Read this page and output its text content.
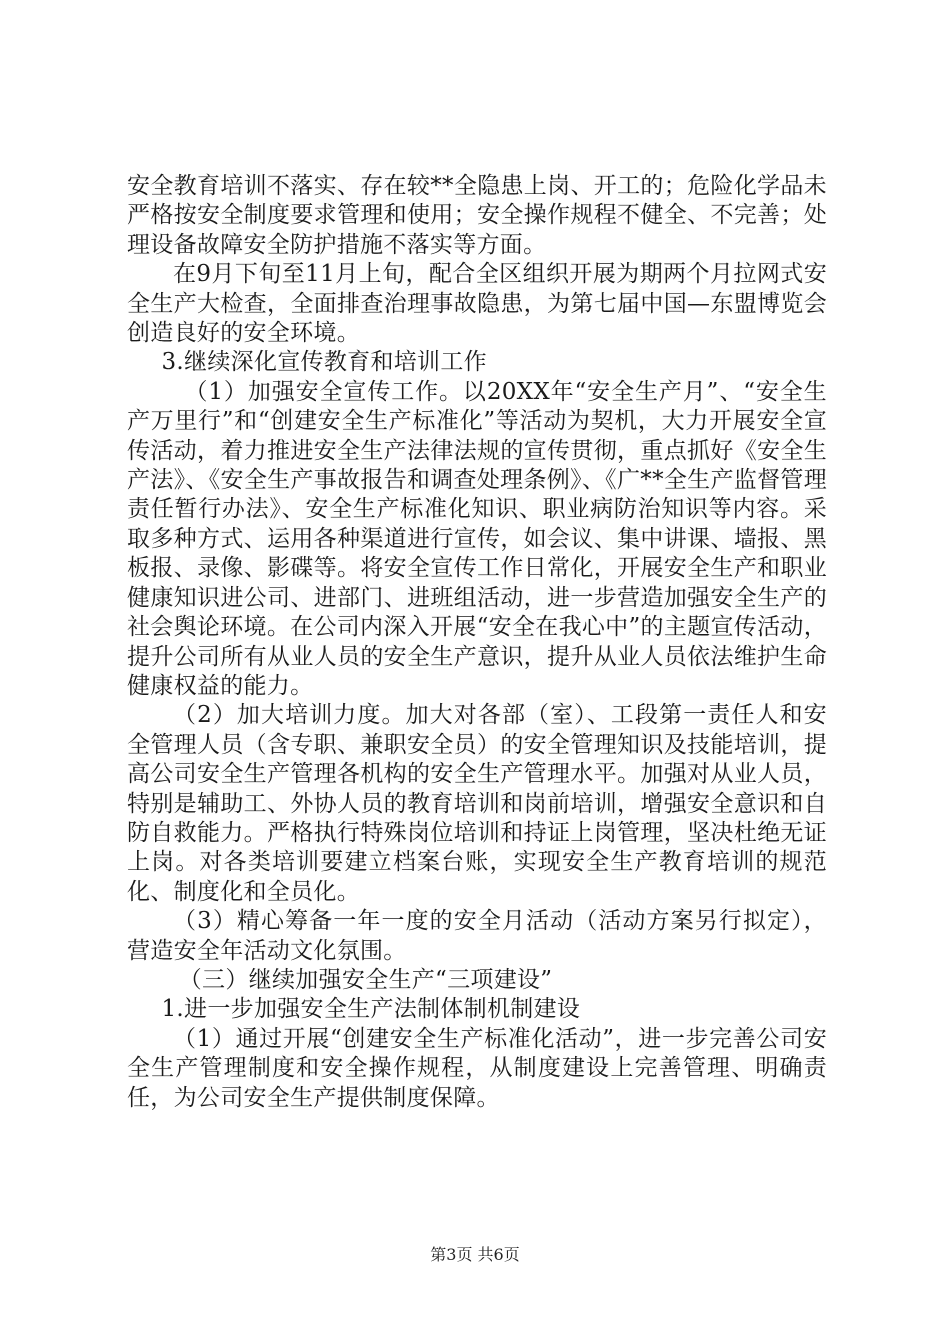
安全教育培训不落实、存在较**全隐患上岗、开工的；危险化学品未严格按安全制度要求管理和使用；安全操作规程不健全、不完善；处理设备故障安全防护措施不落实等方面。

在9月下旬至11月上旬，配合全区组织开展为期两个月拉网式安全生产大检查，全面排查治理事故隐患，为第七届中国—东盟博览会创造良好的安全环境。

3.继续深化宣传教育和培训工作

（1）加强安全宣传工作。以20XX年“安全生产月”、“安全生产万里行”和“创建安全生产标准化”等活动为契机，大力开展安全宣传活动，着力推进安全生产法律法规的宣传贯彻，重点抓好《安全生产法》、《安全生产事故报告和调查处理条例》、《广**全生产监督管理责任暂行办法》、安全生产标准化知识、职业病防治知识等内容。采取多种方式、运用各种渠道进行宣传，如会议、集中讲课、墙报、黑板报、录像、影碟等。将安全宣传工作日常化，开展安全生产和职业健康知识进公司、进部门、进班组活动，进一步营造加强安全生产的社会舆论环境。在公司内深入开展“安全在我心中”的主题宣传活动，提升公司所有从业人员的安全生产意识，提升从业人员依法维护生命健康权益的能力。

（2）加大培训力度。加大对各部（室）、工段第一责任人和安全管理人员（含专职、兼职安全员）的安全管理知识及技能培训，提高公司安全生产管理各机构的安全生产管理水平。加强对从业人员，特别是辅助工、外协人员的教育培训和岗前培训，增强安全意识和自防自救能力。严格执行特殊岗位培训和持证上岗管理，坚决杜绝无证上岗。对各类培训要建立档案台账，实现安全生产教育培训的规范化、制度化和全员化。

（3）精心筹备一年一度的安全月活动（活动方案另行拟定），营造安全年活动文化氛围。

（三）继续加强安全生产“三项建设”

1.进一步加强安全生产法制体制机制建设

（1）通过开展“创建安全生产标准化活动”，进一步完善公司安全生产管理制度和安全操作规程，从制度建设上完善管理、明确责任，为公司安全生产提供制度保障。

第3页 共6页
